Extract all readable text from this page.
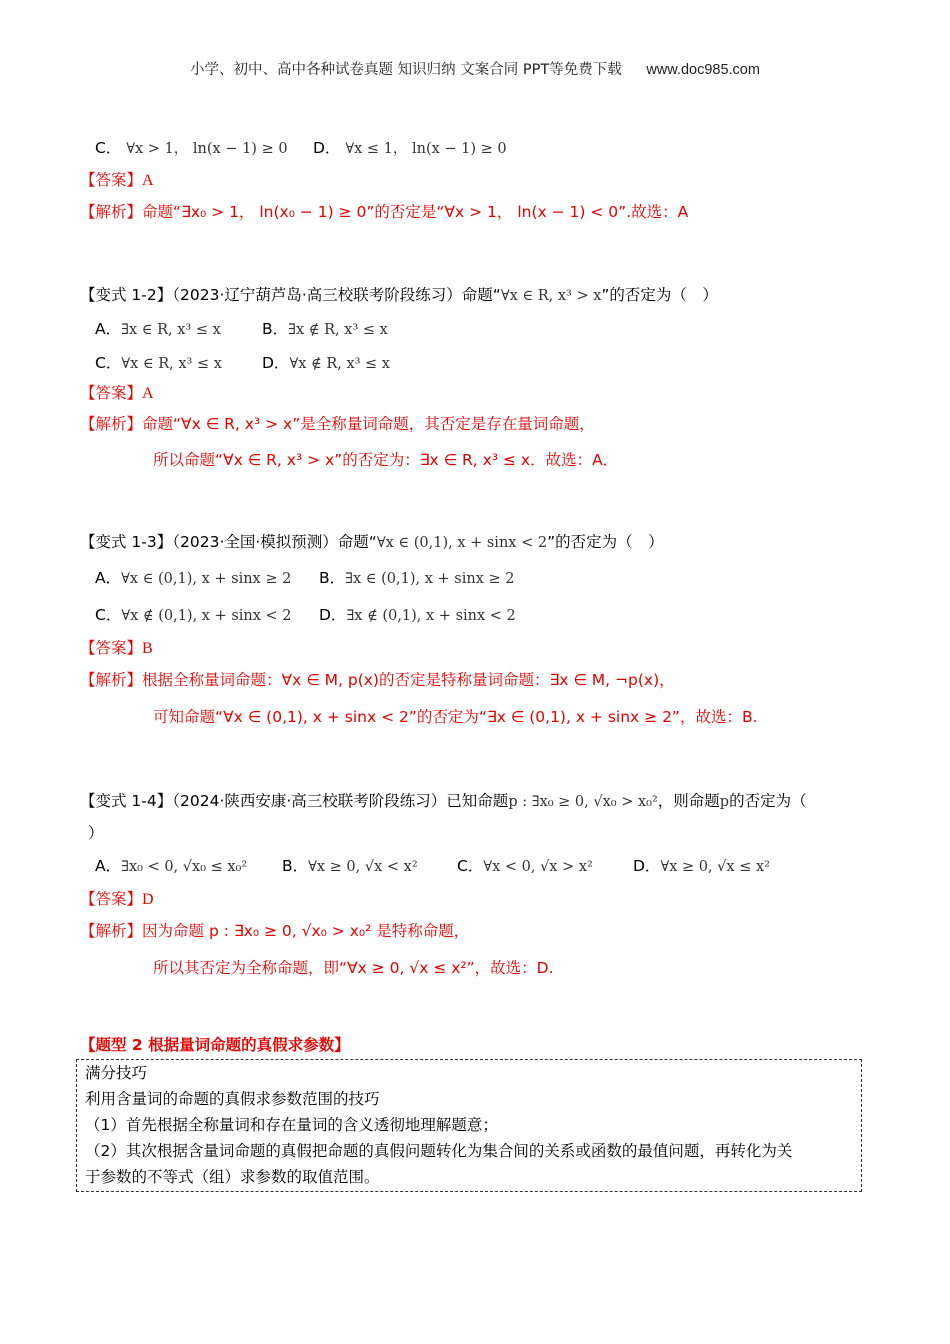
小学、初中、高中各种试卷真题 知识归纳 文案合同 PPT等免费下载 www.doc985.com
C． ∀x > 1， ln(x − 1) ≥ 0 D． ∀x ≤ 1， ln(x − 1) ≥ 0
【答案】A
【解析】命题“∃x₀ > 1， ln(x₀ − 1) ≥ 0”的否定是“∀x > 1， ln(x − 1) < 0”.故选：A
【变式 1-2】（2023·辽宁葫芦岛·高三校联考阶段练习）命题“∀x ∈ R, x³ > x”的否定为（　）
A．∃x ∈ R, x³ ≤ x	B．∃x ∉ R, x³ ≤ x
C．∀x ∈ R, x³ ≤ x	D．∀x ∉ R, x³ ≤ x
【答案】A
【解析】命题“∀x ∈ R, x³ > x”是全称量词命题，其否定是存在量词命题，
所以命题“∀x ∈ R, x³ > x”的否定为：∃x ∈ R, x³ ≤ x．故选：A．
【变式 1-3】（2023·全国·模拟预测）命题“∀x ∈ (0,1), x + sinx < 2”的否定为（　）
A．∀x ∈ (0,1), x + sinx ≥ 2 B．∃x ∈ (0,1), x + sinx ≥ 2
C．∀x ∉ (0,1), x + sinx < 2 D．∃x ∉ (0,1), x + sinx < 2
【答案】B
【解析】根据全称量词命题：∀x ∈ M, p(x)的否定是特称量词命题：∃x ∈ M, ¬p(x)，
可知命题“∀x ∈ (0,1), x + sinx < 2”的否定为“∃x ∈ (0,1), x + sinx ≥ 2”，故选：B.
【变式 1-4】（2024·陕西安康·高三校联考阶段练习）已知命题p : ∃x₀ ≥ 0, √x₀ > x₀²，则命题p的否定为（
）
A．∃x₀ < 0, √x₀ ≤ x₀² B．∀x ≥ 0, √x < x²	C．∀x < 0, √x > x²	D．∀x ≥ 0, √x ≤ x²
【答案】D
【解析】因为命题 p : ∃x₀ ≥ 0, √x₀ > x₀² 是特称命题，
所以其否定为全称命题，即“∀x ≥ 0, √x ≤ x²”，故选：D.
【题型 2 根据量词命题的真假求参数】
满分技巧
利用含量词的命题的真假求参数范围的技巧
（1）首先根据全称量词和存在量词的含义透彻地理解题意；
（2）其次根据含量词命题的真假把命题的真假问题转化为集合间的关系或函数的最值问题，再转化为关
于参数的不等式（组）求参数的取值范围。
